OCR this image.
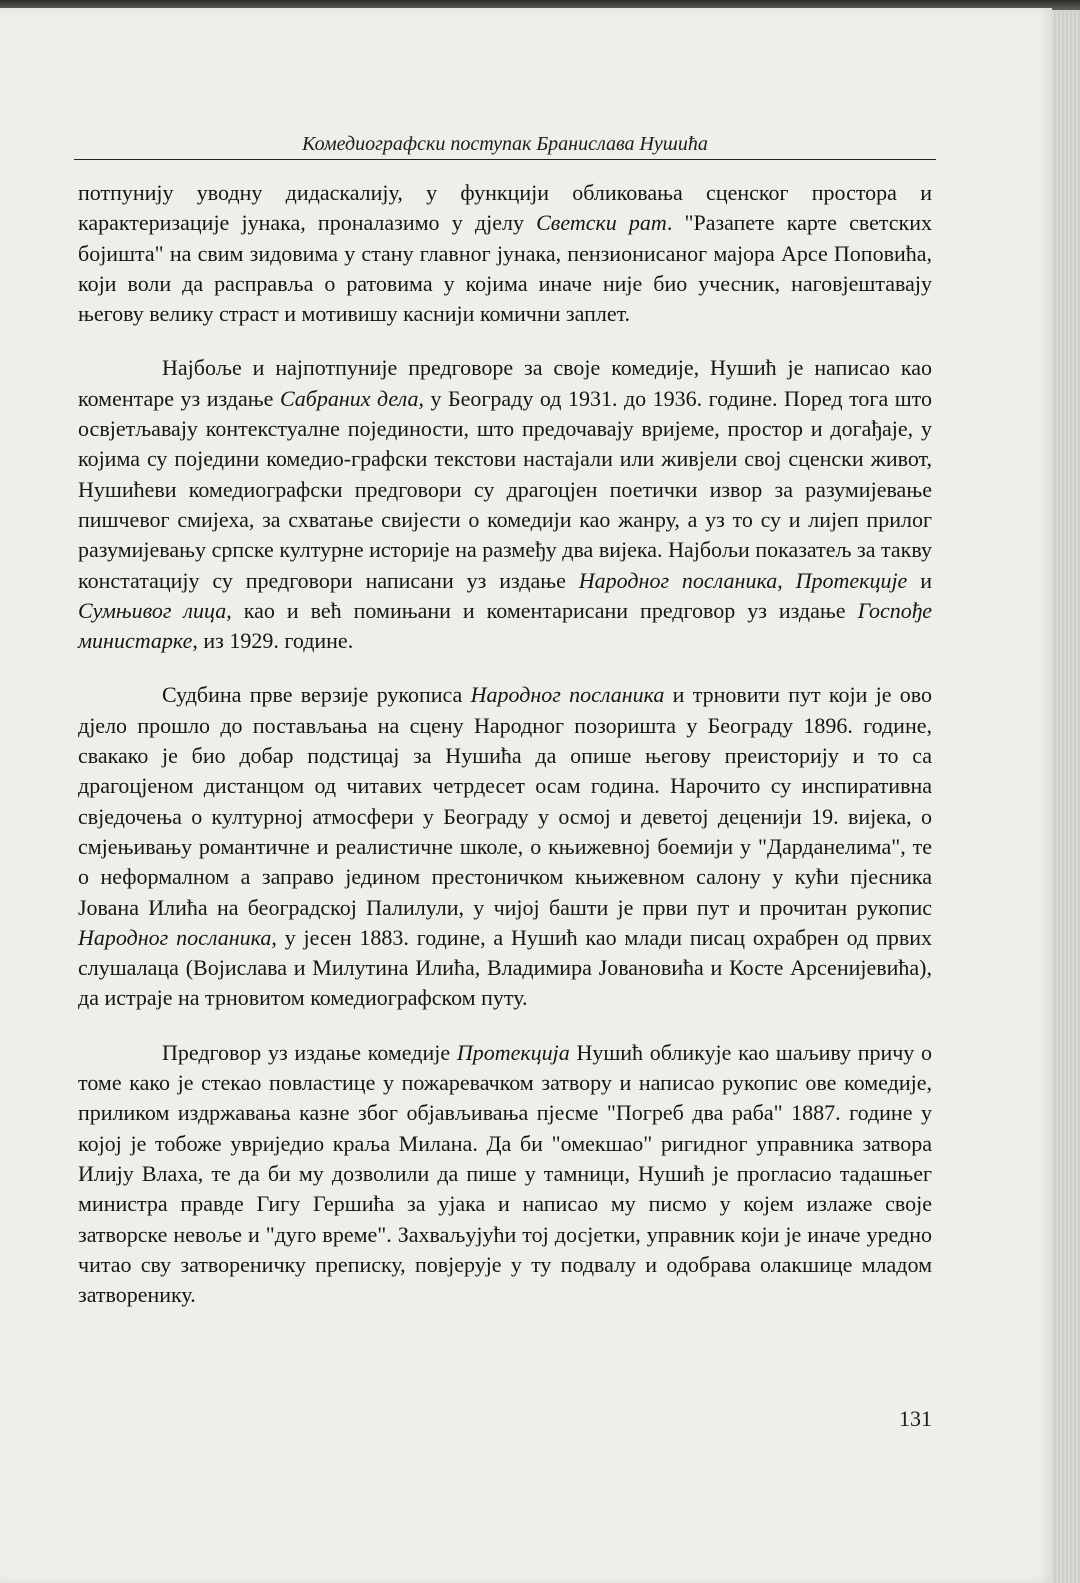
Комедиографски поступак Бранислава Нушића

потпунију уводну дидаскалију, у функцији обликовања сценског простора и карактеризације јунака, проналазимо у дјелу Светски рат. "Разапете карте светских бојишта" на свим зидовима у стану главног јунака, пензионисаног мајора Арсе Поповића, који воли да расправља о ратовима у којима иначе није био учесник, наговјештавају његову велику страст и мотивишу каснији комични заплет.

Најбоље и најпотпуније предговоре за своје комедије, Нушић је написао као коментаре уз издање Сабраних дела, у Београду од 1931. до 1936. године. Поред тога што освјетљавају контекстуалне појединости, што предочавају вријеме, простор и догађаје, у којима су поједини комедио-графски текстови настајали или живјели свој сценски живот, Нушићеви комедиографски предговори су драгоцјен поетички извор за разумијевање пишчевог смијеха, за схватање свијести о комедији као жанру, а уз то су и лијеп прилог разумијевању српске културне историје на размеђу два вијека. Најбољи показатељ за такву констатацију су предговори написани уз издање Народног посланика, Протекције и Сумњивог лица, као и већ помињани и коментарисани предговор уз издање Госпође министарке, из 1929. године.

Судбина прве верзије рукописа Народног посланика и трновити пут који је ово дјело прошло до постављања на сцену Народног позоришта у Београду 1896. године, свакако је био добар подстицај за Нушића да опише његову преисторију и то са драгоцјеном дистанцом од читавих четрдесет осам година. Нарочито су инспиративна свједочења о културној атмосфери у Београду у осмој и деветој деценији 19. вијека, о смјењивању романтичне и реалистичне школе, о књижевној боемији у "Дарданелима", те о неформалном а заправо једином престоничком књижевном салону у кући пјесника Јована Илића на београдској Палилули, у чијој башти је први пут и прочитан рукопис Народног посланика, у јесен 1883. године, а Нушић као млади писац охрабрен од првих слушалаца (Војислава и Милутина Илића, Владимира Јовановића и Косте Арсенијевића), да истраје на трновитом комедиографском путу.

Предговор уз издање комедије Протекција Нушић обликује као шаљиву причу о томе како је стекао повластице у пожаревачком затвору и написао рукопис ове комедије, приликом издржавања казне због објављивања пјесме "Погреб два раба" 1887. године у којој је тобоже увриједио краља Милана. Да би "омекшао" ригидног управника затвора Илију Влаха, те да би му дозволили да пише у тамници, Нушић је прогласио тадашњег министра правде Гигу Гершића за ујака и написао му писмо у којем излаже своје затворске невоље и "дуго време". Захваљујући тој досјетки, управник који је иначе уредно читао сву затвореничку преписку, повјерује у ту подвалу и одобрава олакшице младом затворенику.

131
